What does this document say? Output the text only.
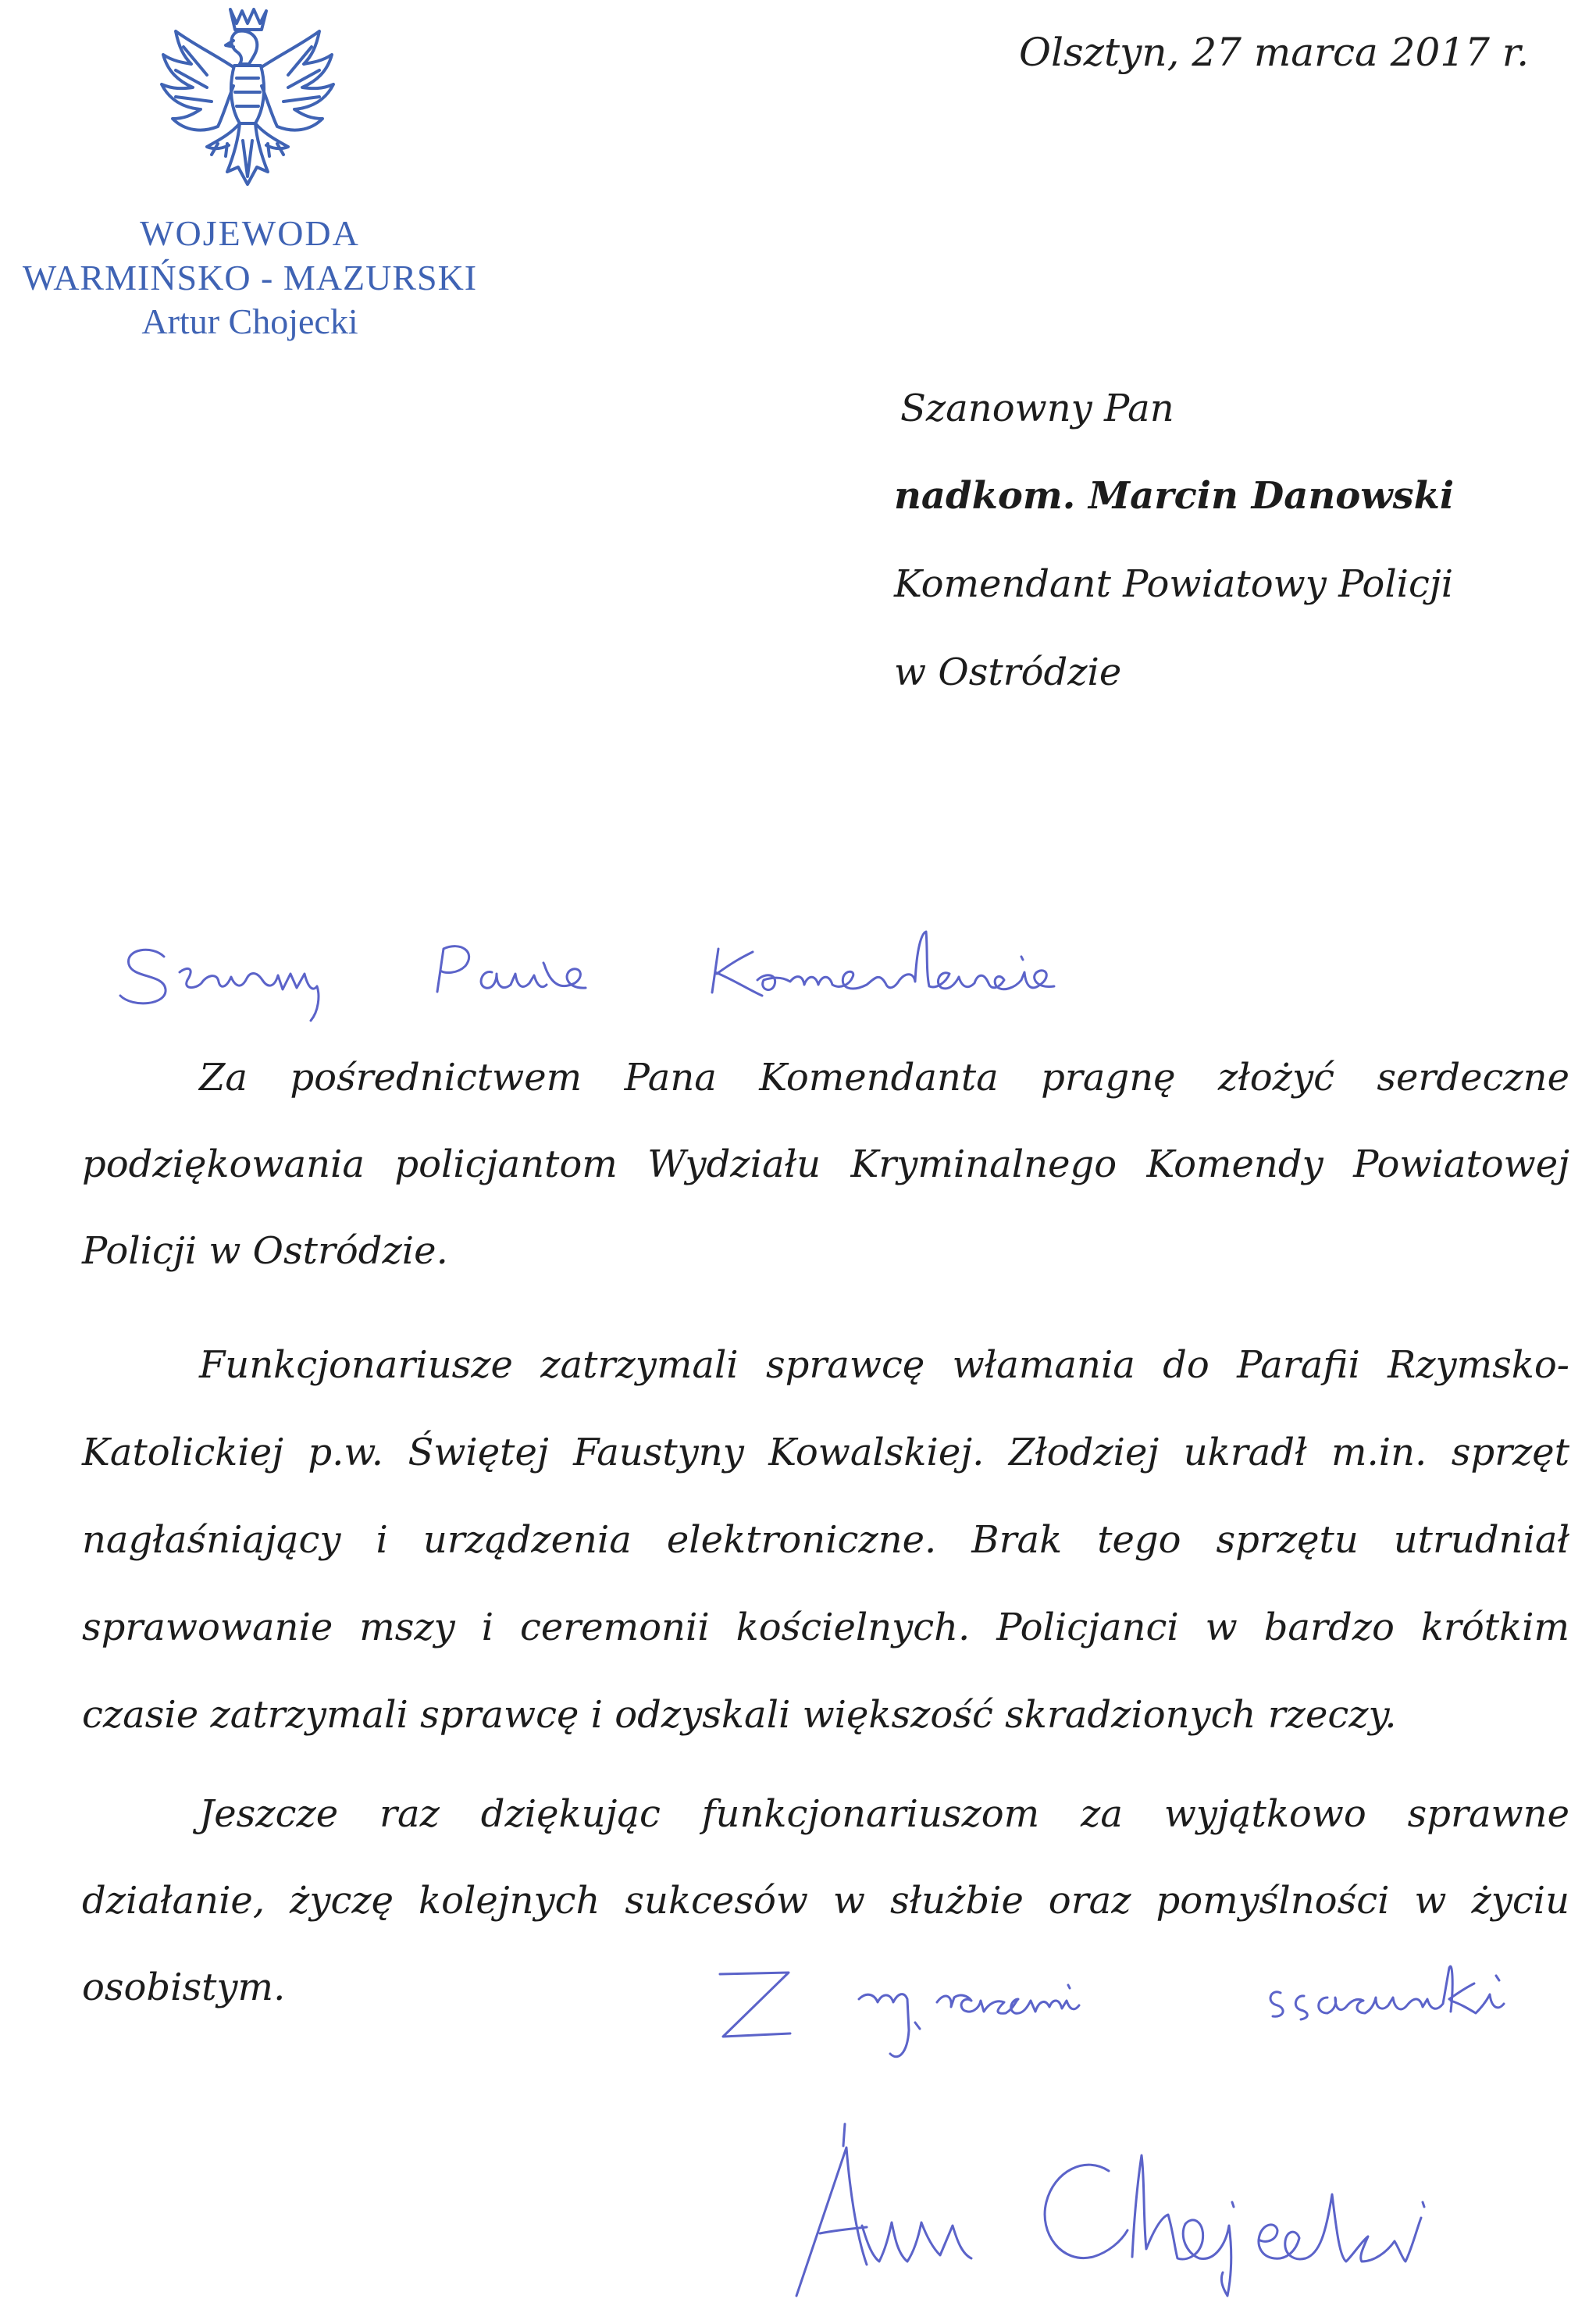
WOJEWODA
WARMIŃSKO - MAZURSKI
Artur Chojecki
Olsztyn, 27 marca 2017 r.
Szanowny Pan
nadkom. Marcin Danowski
Komendant Powiatowy Policji
w Ostródzie
Za pośrednictwem Pana Komendanta pragnę złożyć serdeczne podziękowania policjantom Wydziału Kryminalnego Komendy Powiatowej Policji w Ostródzie.
Funkcjonariusze zatrzymali sprawcę włamania do Parafii Rzymsko-Katolickiej p.w. Świętej Faustyny Kowalskiej. Złodziej ukradł m.in. sprzęt nagłaśniający i urządzenia elektroniczne. Brak tego sprzętu utrudniał sprawowanie mszy i ceremonii kościelnych. Policjanci w bardzo krótkim czasie zatrzymali sprawcę i odzyskali większość skradzionych rzeczy.
Jeszcze raz dziękując funkcjonariuszom za wyjątkowo sprawne działanie, życzę kolejnych sukcesów w służbie oraz pomyślności w życiu osobistym.
